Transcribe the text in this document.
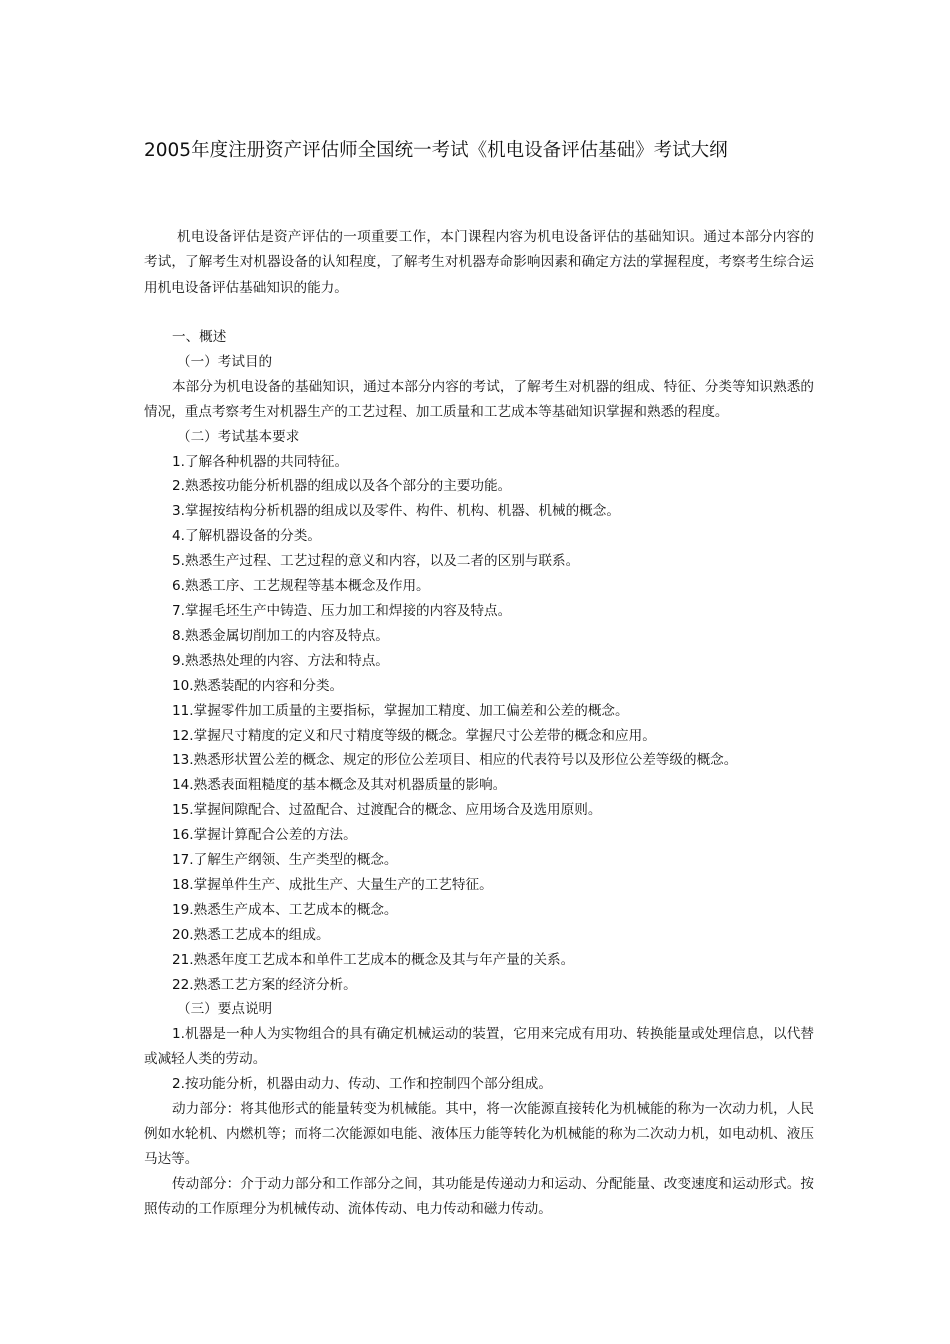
2005年度注册资产评估师全国统一考试《机电设备评估基础》考试大纲
机电设备评估是资产评估的一项重要工作，本门课程内容为机电设备评估的基础知识。通过本部分内容的考试，了解考生对机器设备的认知程度，了解考生对机器寿命影响因素和确定方法的掌握程度，考察考生综合运用机电设备评估基础知识的能力。
一、概述
（一）考试目的
本部分为机电设备的基础知识，通过本部分内容的考试，了解考生对机器的组成、特征、分类等知识熟悉的情况，重点考察考生对机器生产的工艺过程、加工质量和工艺成本等基础知识掌握和熟悉的程度。
（二）考试基本要求
1.了解各种机器的共同特征。
2.熟悉按功能分析机器的组成以及各个部分的主要功能。
3.掌握按结构分析机器的组成以及零件、构件、机构、机器、机械的概念。
4.了解机器设备的分类。
5.熟悉生产过程、工艺过程的意义和内容，以及二者的区别与联系。
6.熟悉工序、工艺规程等基本概念及作用。
7.掌握毛坯生产中铸造、压力加工和焊接的内容及特点。
8.熟悉金属切削加工的内容及特点。
9.熟悉热处理的内容、方法和特点。
10.熟悉装配的内容和分类。
11.掌握零件加工质量的主要指标，掌握加工精度、加工偏差和公差的概念。
12.掌握尺寸精度的定义和尺寸精度等级的概念。掌握尺寸公差带的概念和应用。
13.熟悉形状置公差的概念、规定的形位公差项目、相应的代表符号以及形位公差等级的概念。
14.熟悉表面粗糙度的基本概念及其对机器质量的影响。
15.掌握间隙配合、过盈配合、过渡配合的概念、应用场合及选用原则。
16.掌握计算配合公差的方法。
17.了解生产纲领、生产类型的概念。
18.掌握单件生产、成批生产、大量生产的工艺特征。
19.熟悉生产成本、工艺成本的概念。
20.熟悉工艺成本的组成。
21.熟悉年度工艺成本和单件工艺成本的概念及其与年产量的关系。
22.熟悉工艺方案的经济分析。
（三）要点说明
1.机器是一种人为实物组合的具有确定机械运动的装置，它用来完成有用功、转换能量或处理信息，以代替或减轻人类的劳动。
2.按功能分析，机器由动力、传动、工作和控制四个部分组成。
动力部分：将其他形式的能量转变为机械能。其中，将一次能源直接转化为机械能的称为一次动力机，人民例如水轮机、内燃机等；而将二次能源如电能、液体压力能等转化为机械能的称为二次动力机，如电动机、液压马达等。
传动部分：介于动力部分和工作部分之间，其功能是传递动力和运动、分配能量、改变速度和运动形式。按照传动的工作原理分为机械传动、流体传动、电力传动和磁力传动。
